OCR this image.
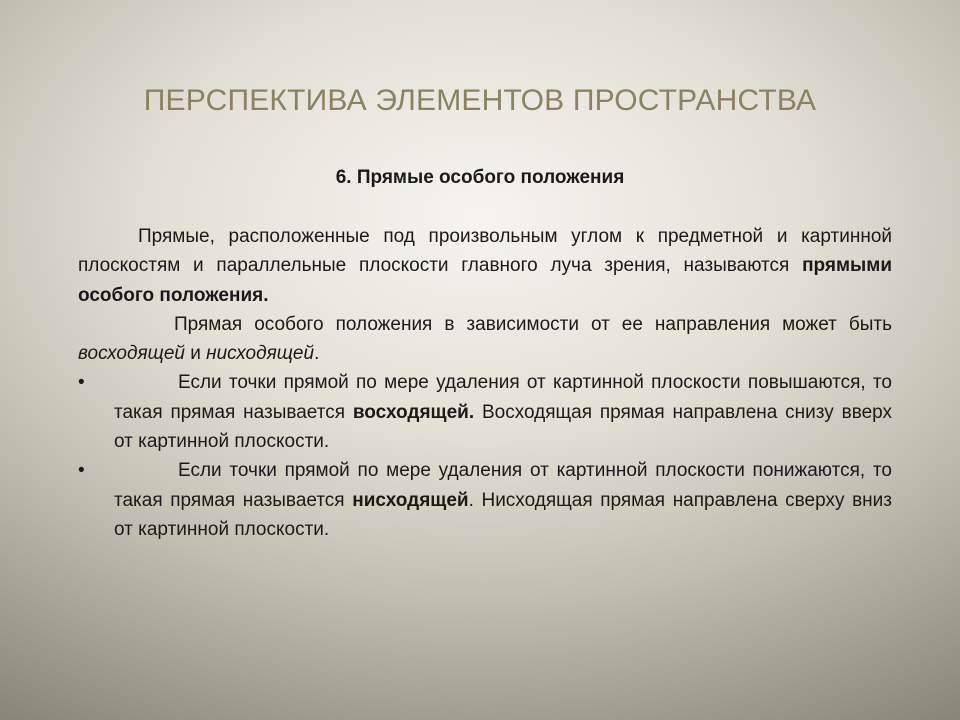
ПЕРСПЕКТИВА ЭЛЕМЕНТОВ ПРОСТРАНСТВА
6. Прямые особого положения

Прямые, расположенные под произвольным углом к предметной и картинной плоскостям и параллельные плоскости главного луча зрения, называются прямыми особого положения.

Прямая особого положения в зависимости от ее направления может быть восходящей и нисходящей.

•	Если точки прямой по мере удаления от картинной плоскости повышаются, то такая прямая называется восходящей. Восходящая прямая направлена снизу вверх от картинной плоскости.
•	Если точки прямой по мере удаления от картинной плоскости понижаются, то такая прямая называется нисходящей. Нисходящая прямая направлена сверху вниз от картинной плоскости.
